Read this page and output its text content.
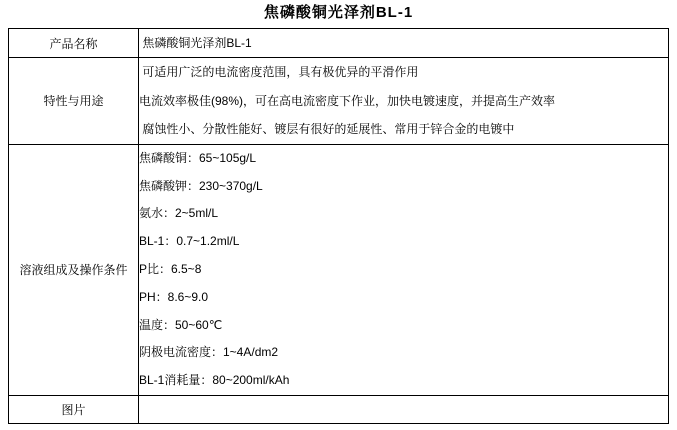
焦磷酸铜光泽剂BL-1
产品名称	焦磷酸铜光泽剂BL-1

特性与用途	可适用广泛的电流密度范围，具有极优异的平滑作用
电流效率极佳(98%)，可在高电流密度下作业，加快电镀速度，并提高生产效率
腐蚀性小、分散性能好、镀层有很好的延展性、常用于锌合金的电镀中

溶液组成及操作条件	
焦磷酸铜：65~105g/L
焦磷酸钾：230~370g/L
氨水：2~5ml/L
BL-1：0.7~1.2ml/L
P比：6.5~8
PH：8.6~9.0
温度：50~60℃
阴极电流密度：1~4A/dm2
BL-1消耗量：80~200ml/kAh

图片	
